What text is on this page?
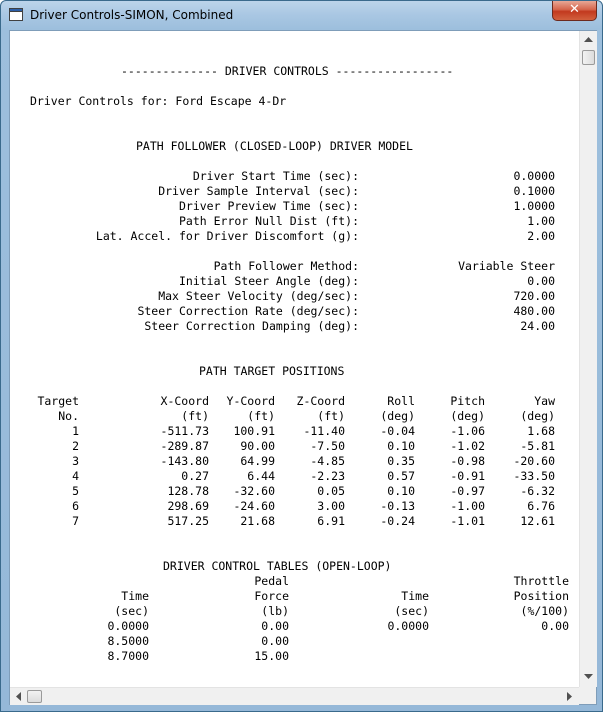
Driver Controls-SIMON, Combined	✕
-------------- DRIVER CONTROLS -----------------
Driver Controls for: Ford Escape 4-Dr
PATH FOLLOWER (CLOSED-LOOP) DRIVER MODEL
PATH TARGET POSITIONS
DRIVER CONTROL TABLES (OPEN-LOOP)
Driver Start Time (sec):	0.0000
Driver Sample Interval (sec):	0.1000
Driver Preview Time (sec):	1.0000
Path Error Null Dist (ft):	1.00
Lat. Accel. for Driver Discomfort (g):	2.00
Path Follower Method:	Variable Steer
Initial Steer Angle (deg):	0.00
Max Steer Velocity (deg/sec):	720.00
Steer Correction Rate (deg/sec):	480.00
Steer Correction Damping (deg):	24.00
Target	X-Coord Y-Coord Z-Coord	Roll	Pitch	Yaw
No.	(ft)	(ft)	(ft)	(deg)	(deg)	(deg)
1	-511.73 100.91 -11.40	-0.04	-1.06	1.68
2	-289.87	90.00	-7.50	0.10	-1.02	-5.81
3	-143.80	64.99	-4.85	0.35	-0.98 -20.60
4	0.27	6.44	-2.23	0.57	-0.91 -33.50
5	128.78 -32.60	0.05	0.10	-0.97	-6.32
6	298.69 -24.60	3.00	-0.13	-1.00	6.76
7	517.25	21.68	6.91	-0.24	-1.01	12.61
Pedal
Time	Force
(sec)	(lb)
Throttle
Time	Position
(sec)	(%/100)
0.0000	0.00
8.5000	0.00
8.7000	15.00
0.0000	0.00
